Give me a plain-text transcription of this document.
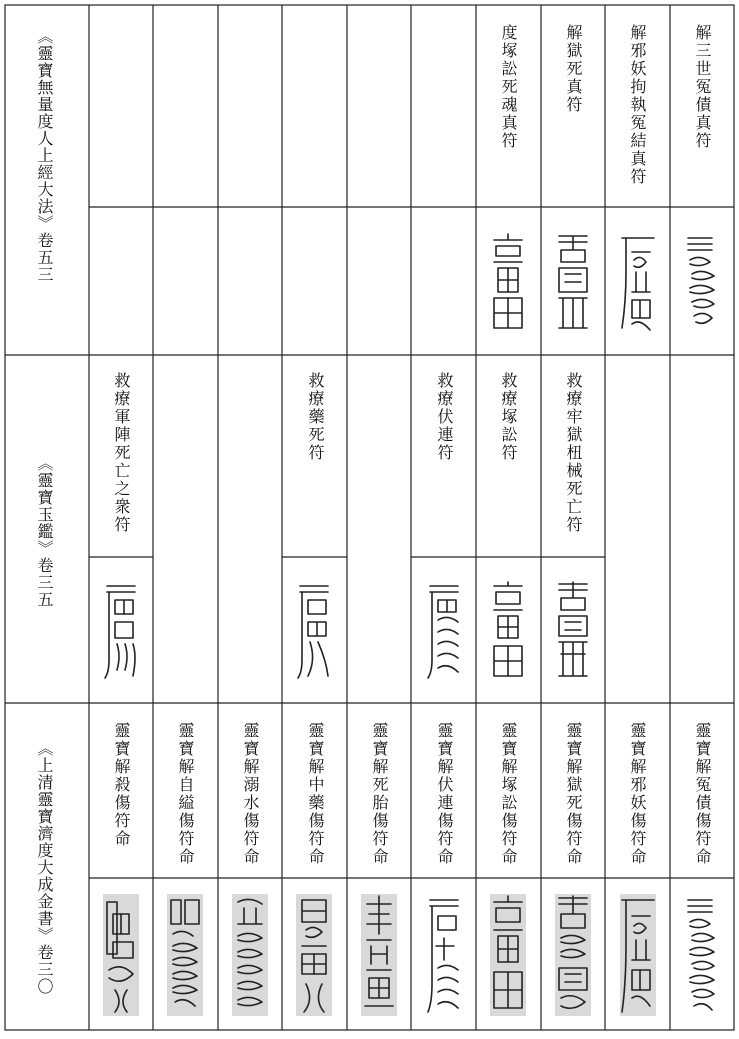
《靈寶無量度人上經大法》卷五三
《靈寶玉鑑》卷三五
《上清靈寶濟度大成金書》卷三〇
度塚訟死魂真符	解獄死真符	解邪妖拘執冤結真符	解三世冤債真符
救療軍陣死亡之衆符	救療藥死符	救療伏連符	救療塚訟符	救療牢獄杻械死亡符
靈寶解殺傷符命	靈寶解自縊傷符命	靈寶解溺水傷符命	靈寶解中藥傷符命	靈寶解死胎傷符命	靈寶解伏連傷符命	靈寶解塚訟傷符命	靈寶解獄死傷符命	靈寶解邪妖傷符命	靈寶解冤債傷符命
